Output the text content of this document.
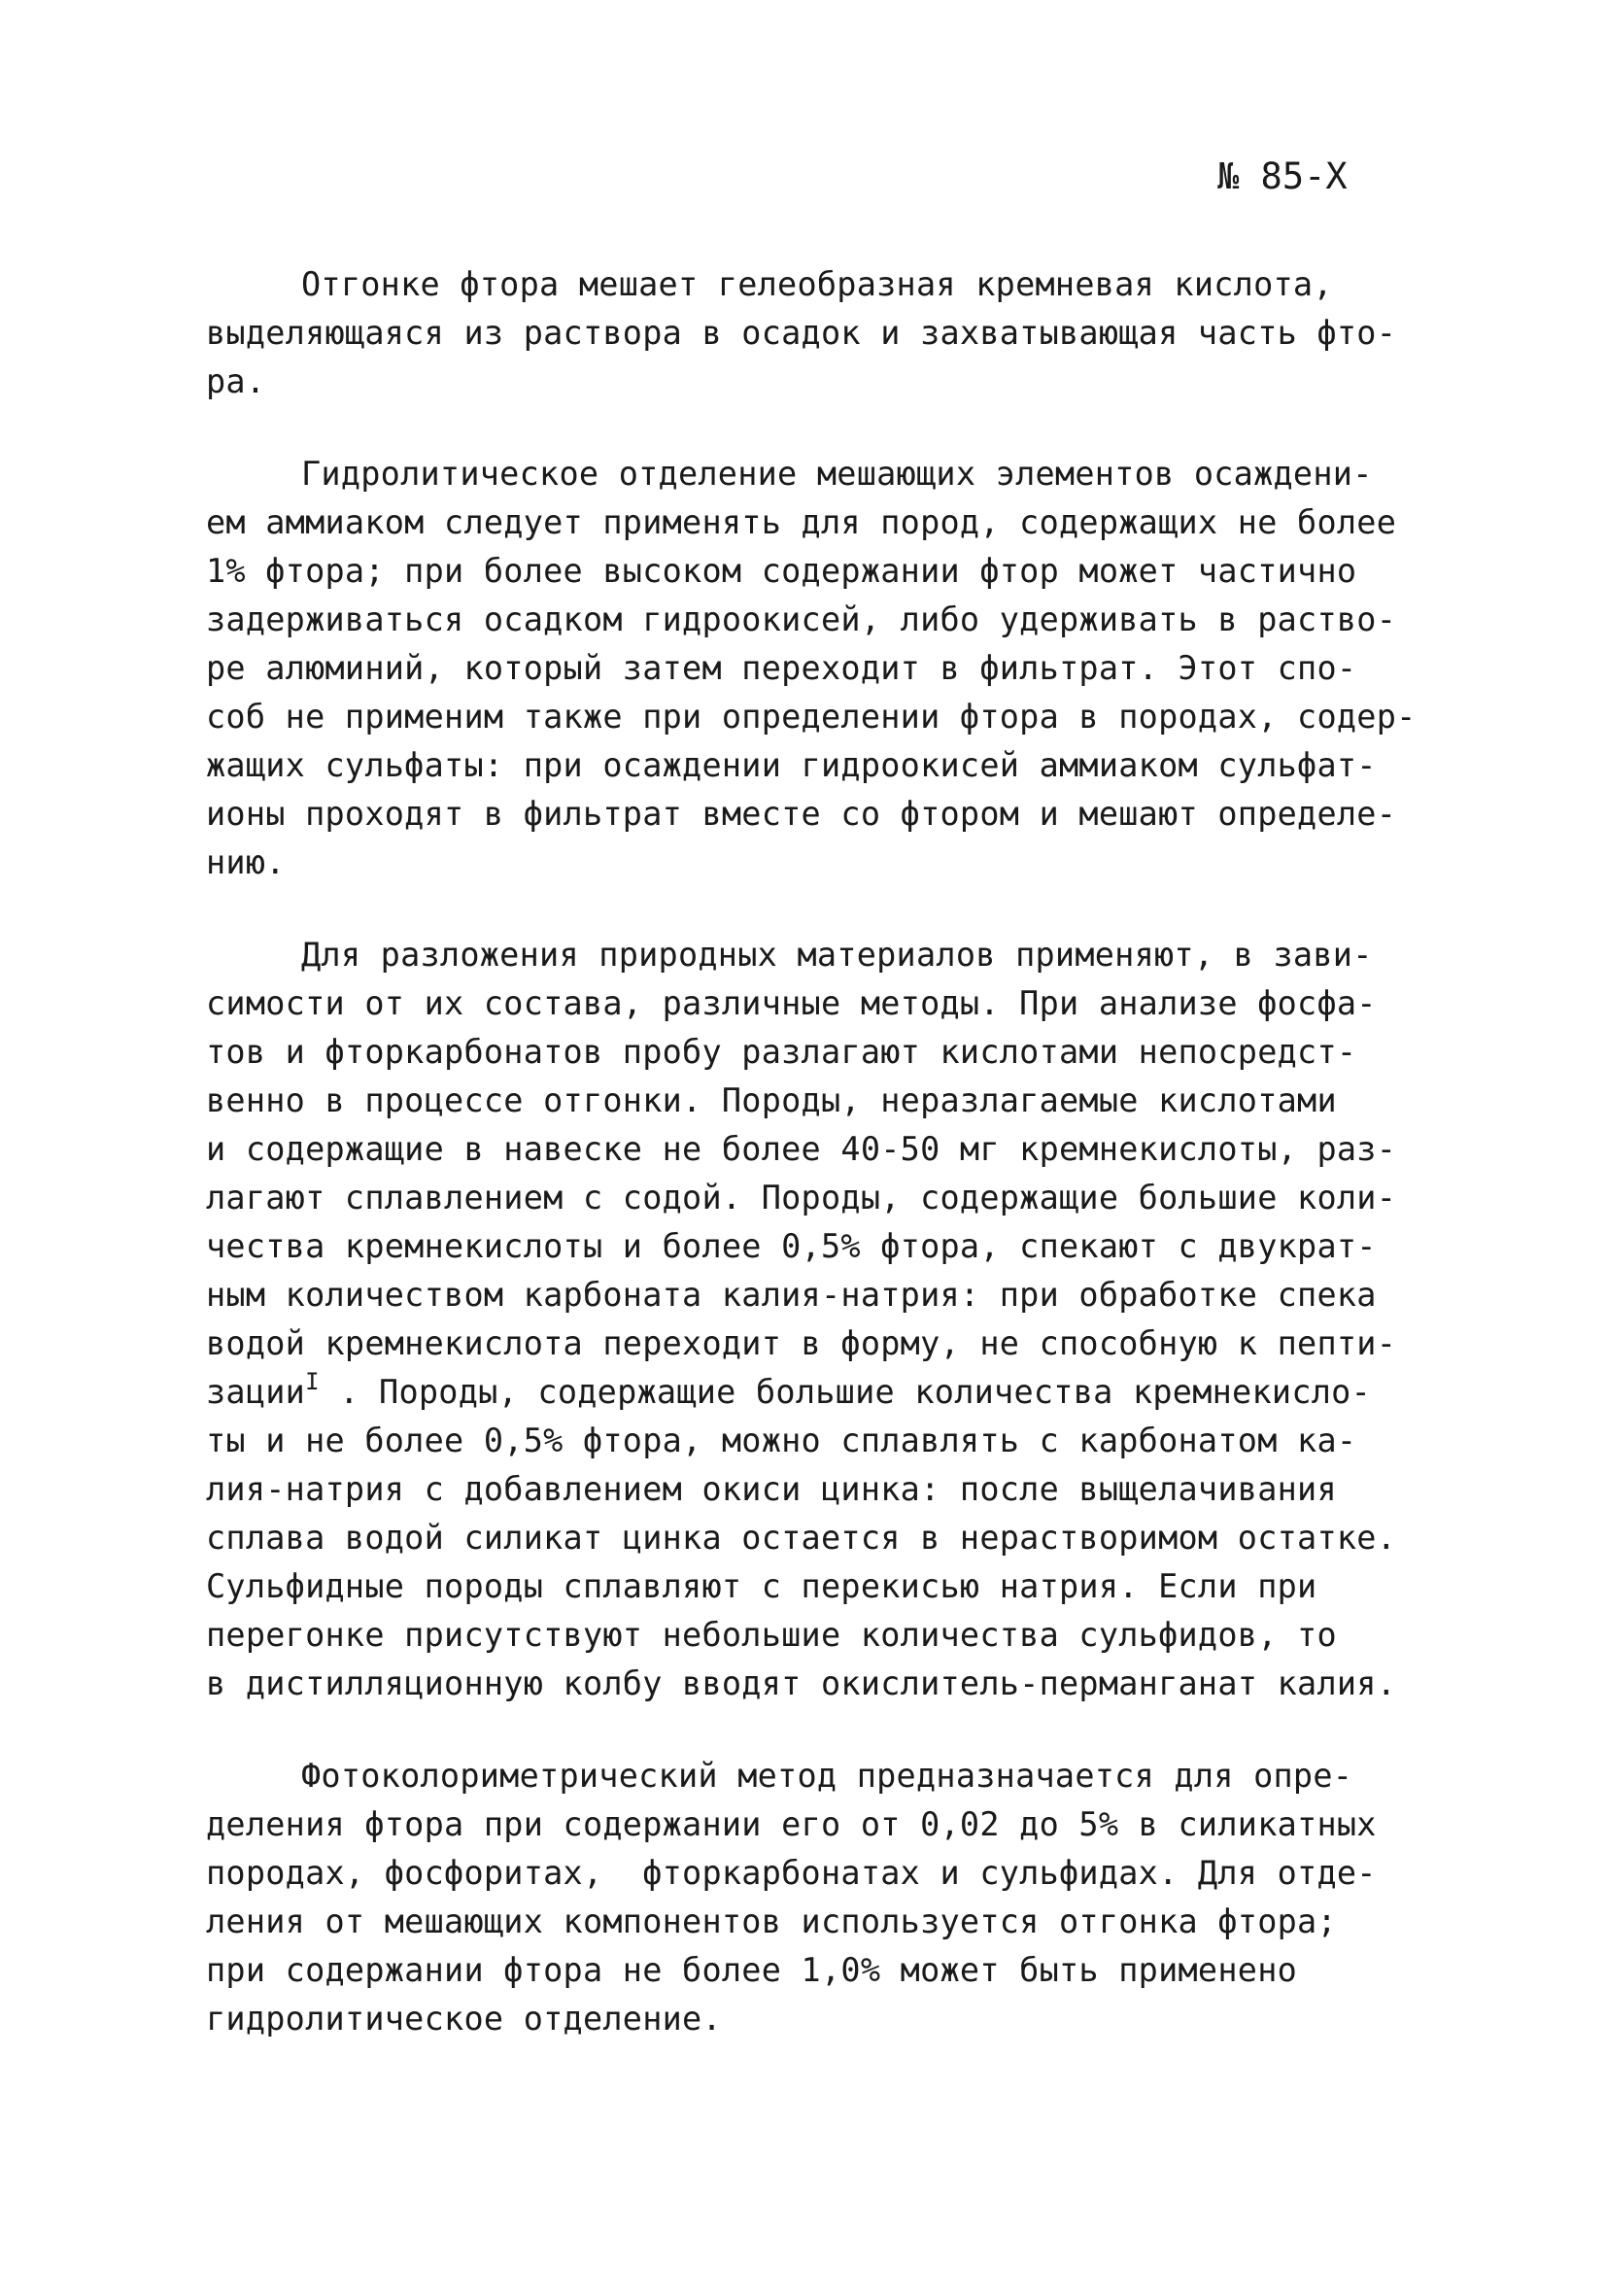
№ 85-Х

Отгонке фтора мешает гелеобразная кремневая кислота,
выделяющаяся из раствора в осадок и захватывающая часть фто-
ра.

Гидролитическое отделение мешающих элементов осаждени-
ем аммиаком следует применять для пород, содержащих не более
1% фтора; при более высоком содержании фтор может частично
задерживаться осадком гидроокисей, либо удерживать в раство-
ре алюминий, который затем переходит в фильтрат. Этот спо-
соб не применим также при определении фтора в породах, содер-
жащих сульфаты: при осаждении гидроокисей аммиаком сульфат-
ионы проходят в фильтрат вместе со фтором и мешают определе-
нию.

Для разложения природных материалов применяют, в зави-
симости от их состава, различные методы. При анализе фосфа-
тов и фторкарбонатов пробу разлагают кислотами непосредст-
венно в процессе отгонки. Породы, неразлагаемые кислотами
и содержащие в навеске не более 40-50 мг кремнекислоты, раз-
лагают сплавлением с содой. Породы, содержащие большие коли-
чества кремнекислоты и более 0,5% фтора, спекают с двукрат-
ным количеством карбоната калия-натрия: при обработке спека
водой кремнекислота переходит в форму, не способную к пепти-
зации$^I$ . Породы, содержащие большие количества кремнекисло-
ты и не более 0,5% фтора, можно сплавлять с карбонатом ка-
лия-натрия с добавлением окиси цинка: после выщелачивания
сплава водой силикат цинка остается в нерастворимом остатке.
Сульфидные породы сплавляют с перекисью натрия. Если при
перегонке присутствуют небольшие количества сульфидов, то
в дистилляционную колбу вводят окислитель-перманганат калия.

Фотоколориметрический метод предназначается для опре-
деления фтора при содержании его от 0,02 до 5% в силикатных
породах, фосфоритах,  фторкарбонатах и сульфидах. Для отде-
ления от мешающих компонентов используется отгонка фтора;
при содержании фтора не более 1,0% может быть применено
гидролитическое отделение.
